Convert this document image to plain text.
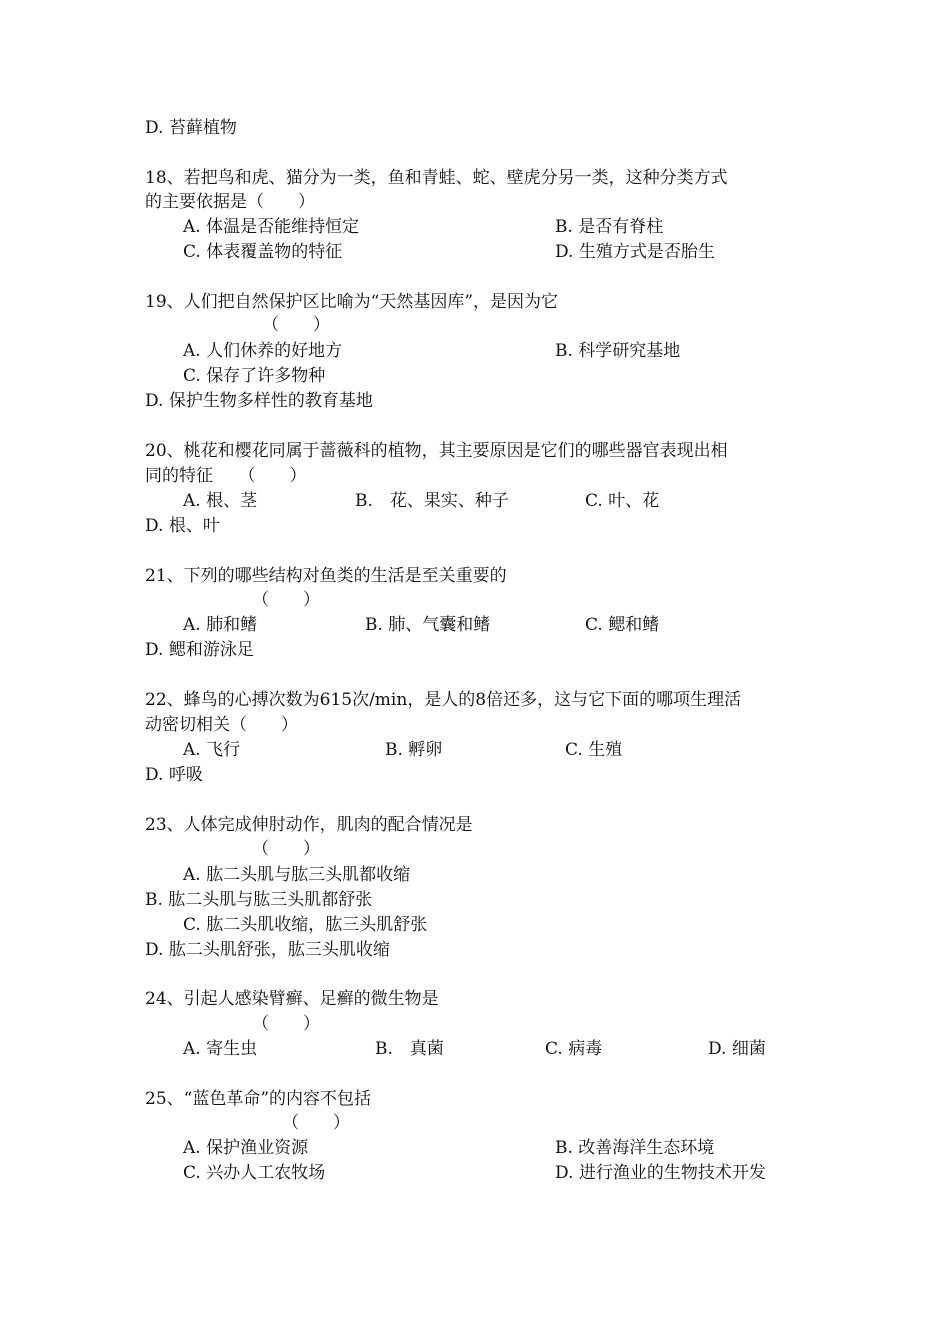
D. 苔藓植物
18、若把鸟和虎、猫分为一类，鱼和青蛙、蛇、壁虎分另一类，这种分类方式
的主要依据是（　　）
A. 体温是否能维持恒定	B. 是否有脊柱
C. 体表覆盖物的特征	D. 生殖方式是否胎生
19、人们把自然保护区比喻为“天然基因库”，是因为它
（　　）
A. 人们休养的好地方	B. 科学研究基地
C. 保存了许多物种
D. 保护生物多样性的教育基地
20、桃花和樱花同属于蔷薇科的植物，其主要原因是它们的哪些器官表现出相
同的特征　　（　　）
A. 根、茎	B.　花、果实、种子	C. 叶、花
D. 根、叶
21、下列的哪些结构对鱼类的生活是至关重要的
（　　）
A. 肺和鳍	B. 肺、气囊和鳍	C. 鳃和鳍
D. 鳃和游泳足
22、蜂鸟的心搏次数为615次/min，是人的8倍还多，这与它下面的哪项生理活
动密切相关（　　）
A. 飞行	B. 孵卵	C. 生殖
D. 呼吸
23、人体完成伸肘动作，肌肉的配合情况是
（　　）
A. 肱二头肌与肱三头肌都收缩
B. 肱二头肌与肱三头肌都舒张
C. 肱二头肌收缩，肱三头肌舒张
D. 肱二头肌舒张，肱三头肌收缩
24、引起人感染臂癣、足癣的微生物是
（　　）
A. 寄生虫	B.　真菌	C. 病毒	D. 细菌
25、“蓝色革命”的内容不包括
（　　）
A. 保护渔业资源	B. 改善海洋生态环境
C. 兴办人工农牧场	D. 进行渔业的生物技术开发
